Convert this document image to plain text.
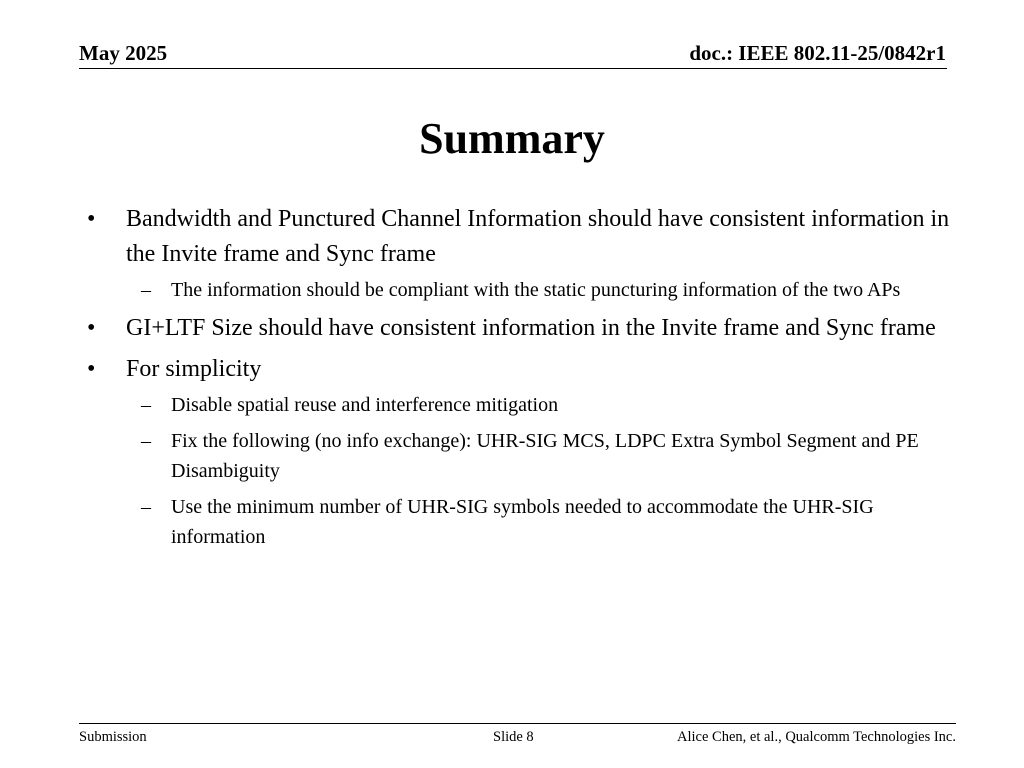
May 2025	doc.: IEEE 802.11-25/0842r1
Summary
• Bandwidth and Punctured Channel Information should have consistent information in the Invite frame and Sync frame
– The information should be compliant with the static puncturing information of the two APs
• GI+LTF Size should have consistent information in the Invite frame and Sync frame
• For simplicity
– Disable spatial reuse and interference mitigation
– Fix the following (no info exchange): UHR-SIG MCS, LDPC Extra Symbol Segment and PE Disambiguity
– Use the minimum number of UHR-SIG symbols needed to accommodate the UHR-SIG information
Submission	Slide 8	Alice Chen, et al., Qualcomm Technologies Inc.
